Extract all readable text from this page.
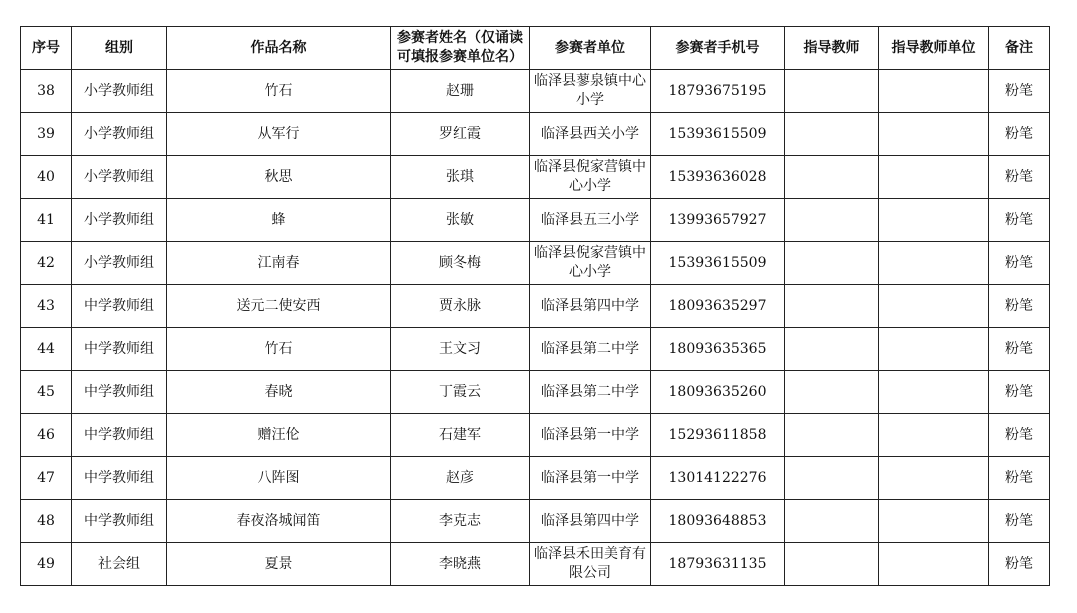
序号	组别	作品名称	参赛者姓名（仅诵读可填报参赛单位名）	参赛者单位	参赛者手机号	指导教师	指导教师单位	备注
38	小学教师组	竹石	赵珊	临泽县蓼泉镇中心小学	18793675195			粉笔
39	小学教师组	从军行	罗红霞	临泽县西关小学	15393615509			粉笔
40	小学教师组	秋思	张琪	临泽县倪家营镇中心小学	15393636028			粉笔
41	小学教师组	蜂	张敏	临泽县五三小学	13993657927			粉笔
42	小学教师组	江南春	顾冬梅	临泽县倪家营镇中心小学	15393615509			粉笔
43	中学教师组	送元二使安西	贾永脉	临泽县第四中学	18093635297			粉笔
44	中学教师组	竹石	王文习	临泽县第二中学	18093635365			粉笔
45	中学教师组	春晓	丁霞云	临泽县第二中学	18093635260			粉笔
46	中学教师组	赠汪伦	石建军	临泽县第一中学	15293611858			粉笔
47	中学教师组	八阵图	赵彦	临泽县第一中学	13014122276			粉笔
48	中学教师组	春夜洛城闻笛	李克志	临泽县第四中学	18093648853			粉笔
49	社会组	夏景	李晓燕	临泽县禾田美育有限公司	18793631135			粉笔
